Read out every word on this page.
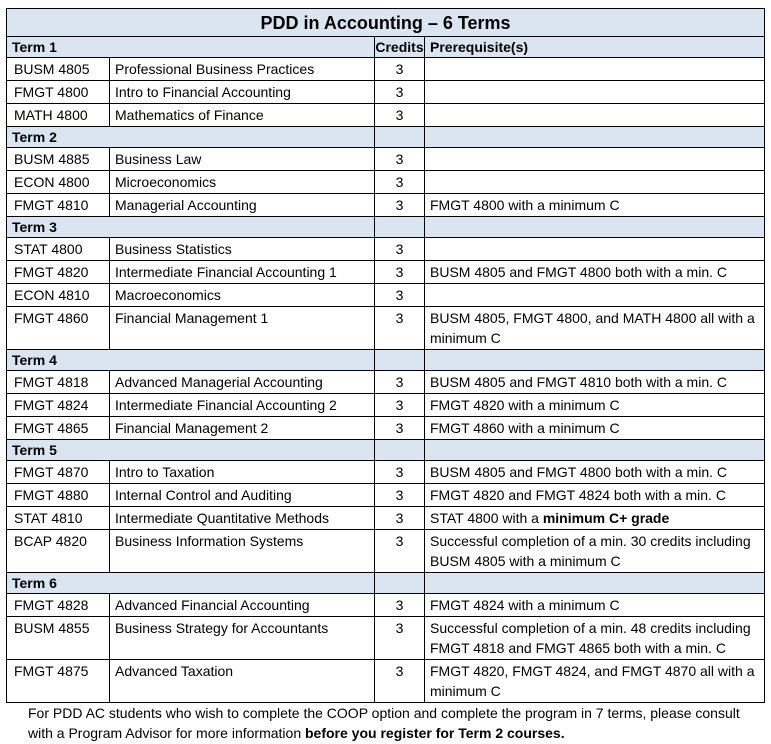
PDD in Accounting – 6 Terms			
Term 1		Credits	Prerequisite(s)
BUSM 4805	Professional Business Practices	3	
FMGT 4800	Intro to Financial Accounting	3	
MATH 4800	Mathematics of Finance	3	
Term 2			
BUSM 4885	Business Law	3	
ECON 4800	Microeconomics	3	
FMGT 4810	Managerial Accounting	3	FMGT 4800 with a minimum C
Term 3			
STAT 4800	Business Statistics	3	
FMGT 4820	Intermediate Financial Accounting 1	3	BUSM 4805 and FMGT 4800 both with a min. C
ECON 4810	Macroeconomics	3	
FMGT 4860	Financial Management 1	3	BUSM 4805, FMGT 4800, and MATH 4800 all with a minimum C
Term 4			
FMGT 4818	Advanced Managerial Accounting	3	BUSM 4805 and FMGT 4810 both with a min. C
FMGT 4824	Intermediate Financial Accounting 2	3	FMGT 4820 with a minimum C
FMGT 4865	Financial Management 2	3	FMGT 4860 with a minimum C
Term 5			
FMGT 4870	Intro to Taxation	3	BUSM 4805 and FMGT 4800 both with a min. C
FMGT 4880	Internal Control and Auditing	3	FMGT 4820 and FMGT 4824 both with a min. C
STAT 4810	Intermediate Quantitative Methods	3	STAT 4800 with a minimum C+ grade
BCAP 4820	Business Information Systems	3	Successful completion of a min. 30 credits including BUSM 4805 with a minimum C
Term 6			
FMGT 4828	Advanced Financial Accounting	3	FMGT 4824 with a minimum C
BUSM 4855	Business Strategy for Accountants	3	Successful completion of a min. 48 credits including FMGT 4818 and FMGT 4865 both with a min. C
FMGT 4875	Advanced Taxation	3	FMGT 4820, FMGT 4824, and FMGT 4870 all with a minimum C
For PDD AC students who wish to complete the COOP option and complete the program in 7 terms, please consult with a Program Advisor for more information before you register for Term 2 courses.
